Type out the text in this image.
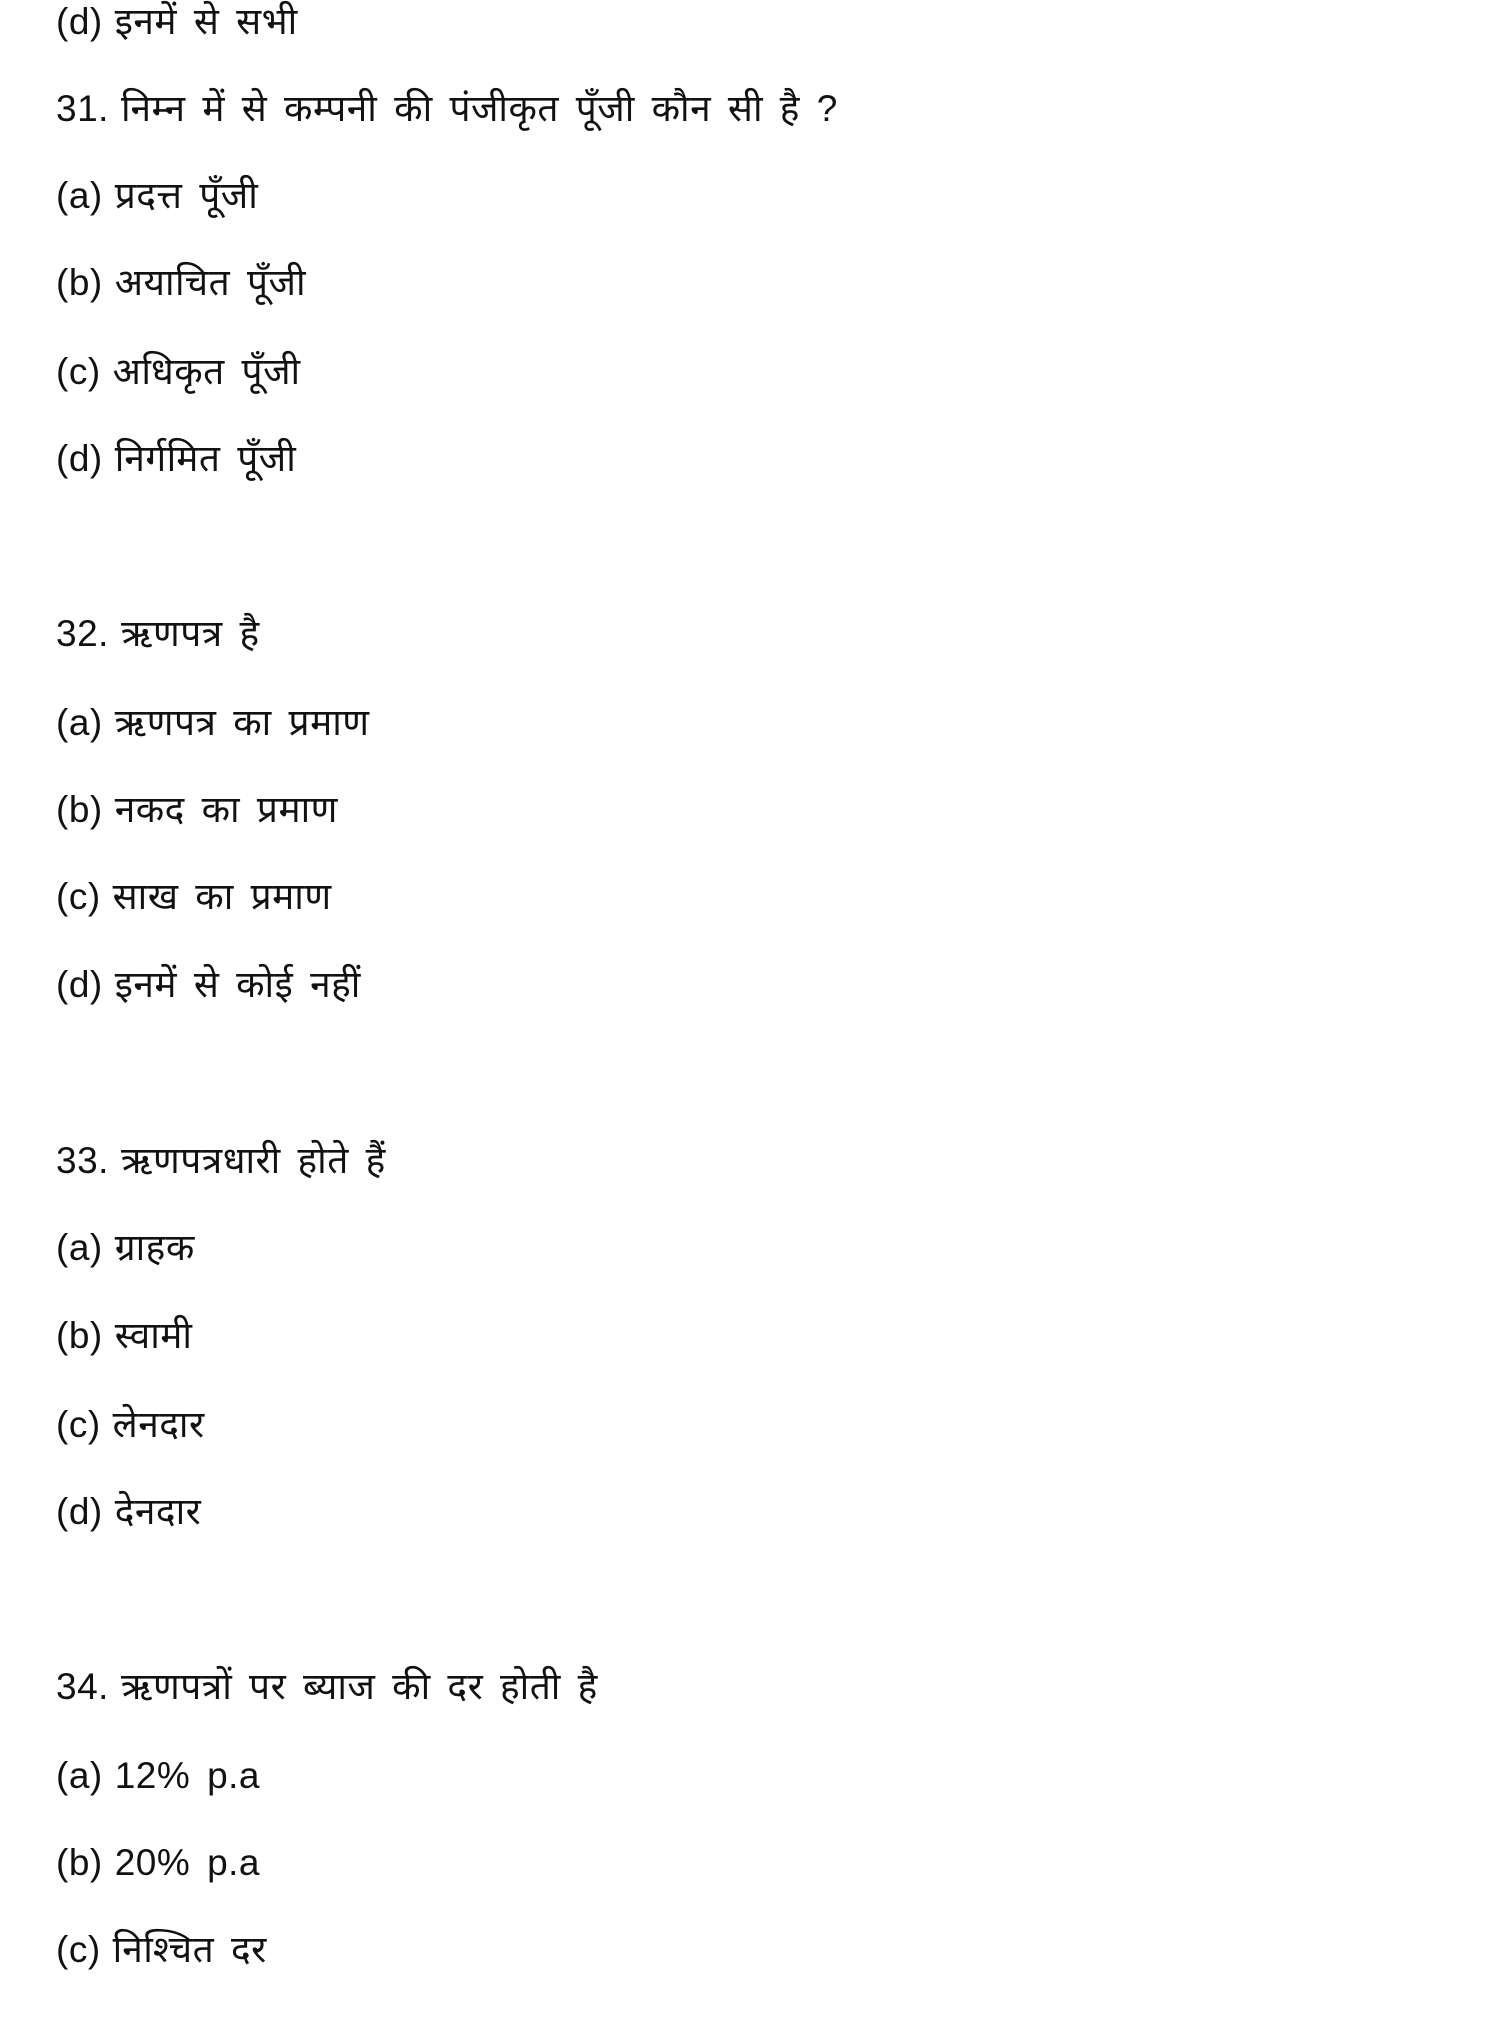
(d) इनमें से सभी
31. निम्न में से कम्पनी की पंजीकृत पूँजी कौन सी है ?
(a) प्रदत्त पूँजी
(b) अयाचित पूँजी
(c) अधिकृत पूँजी
(d) निर्गमित पूँजी
32. ऋणपत्र है
(a) ऋणपत्र का प्रमाण
(b) नकद का प्रमाण
(c) साख का प्रमाण
(d) इनमें से कोई नहीं
33. ऋणपत्रधारी होते हैं
(a) ग्राहक
(b) स्वामी
(c) लेनदार
(d) देनदार
34. ऋणपत्रों पर ब्याज की दर होती है
(a) 12% p.a
(b) 20% p.a
(c) निश्चित दर
